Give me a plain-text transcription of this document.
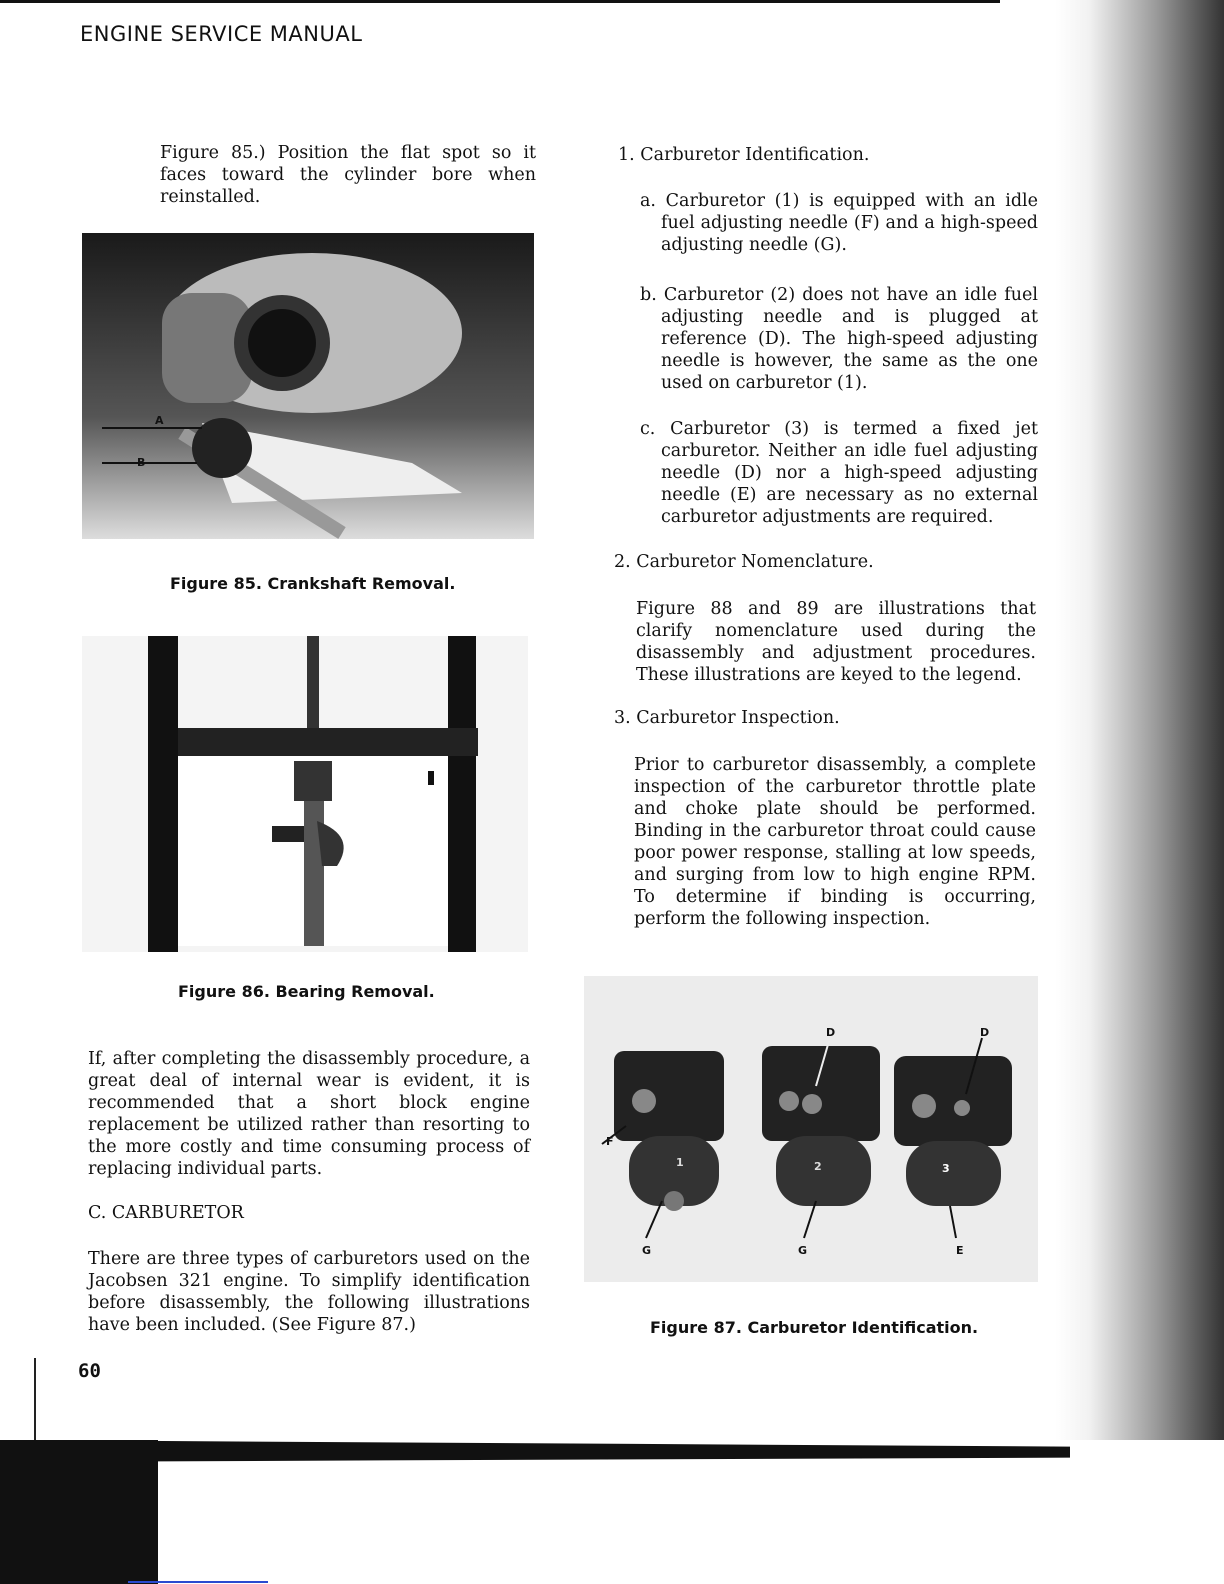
ENGINE SERVICE MANUAL
Figure 85.) Position the flat spot so it faces toward the cylinder bore when reinstalled.
A
B
Figure 85. Crankshaft Removal.
Figure 86. Bearing Removal.
If, after completing the disassembly procedure, a great deal of internal wear is evident, it is recommended that a short block engine replacement be utilized rather than resorting to the more costly and time consuming process of replacing individual parts.
C. CARBURETOR
There are three types of carburetors used on the Jacobsen 321 engine. To simplify identification before disassembly, the following illustrations have been included. (See Figure 87.)
60
1. Carburetor Identification.
a. Carburetor (1) is equipped with an idle fuel adjusting needle (F) and a high-speed adjusting needle (G).
b. Carburetor (2) does not have an idle fuel adjusting needle and is plugged at reference (D). The high-speed adjusting needle is however, the same as the one used on carburetor (1).
c. Carburetor (3) is termed a fixed jet carburetor. Neither an idle fuel adjusting needle (D) nor a high-speed adjusting needle (E) are necessary as no external carburetor adjustments are required.
2. Carburetor Nomenclature.
Figure 88 and 89 are illustrations that clarify nomenclature used during the disassembly and adjustment procedures. These illustrations are keyed to the legend.
3. Carburetor Inspection.
Prior to carburetor disassembly, a complete inspection of the carburetor throttle plate and choke plate should be performed. Binding in the carburetor throat could cause poor power response, stalling at low speeds, and surging from low to high engine RPM. To determine if binding is occurring, perform the following inspection.
D	D
F
G	G	E
1	2	3
Figure 87. Carburetor Identification.
